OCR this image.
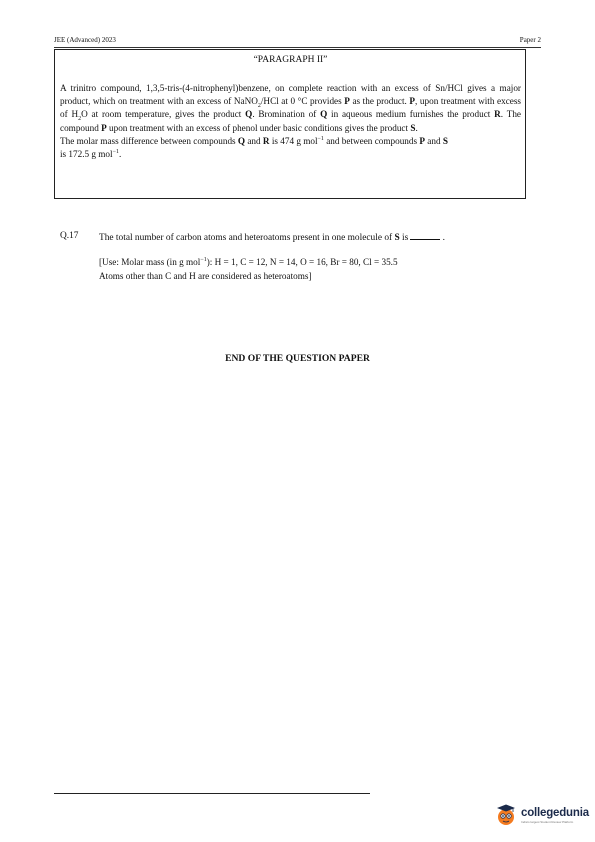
JEE (Advanced) 2023	Paper 2
“PARAGRAPH II”
A trinitro compound, 1,3,5-tris-(4-nitrophenyl)benzene, on complete reaction with an excess of Sn/HCl gives a major product, which on treatment with an excess of NaNO$_2$/HCl at 0 °C provides P as the product. P, upon treatment with excess of $H_2O$ at room temperature, gives the product Q. Bromination of Q in aqueous medium furnishes the product R. The compound P upon treatment with an excess of phenol under basic conditions gives the product S.
The molar mass difference between compounds Q and R is 474 g mol$^{-1}$ and between compounds P and S
is 172.5 g mol$^{-1}$.
Q.17	The total number of carbon atoms and heteroatoms present in one molecule of S is	.
[Use: Molar mass (in g mol$^{-1}$): H = 1, C = 12, N = 14, O = 16, Br = 80, Cl = 35.5
Atoms other than C and H are considered as heteroatoms]
END OF THE QUESTION PAPER
collegedunia
India's largest Student Review Platform
